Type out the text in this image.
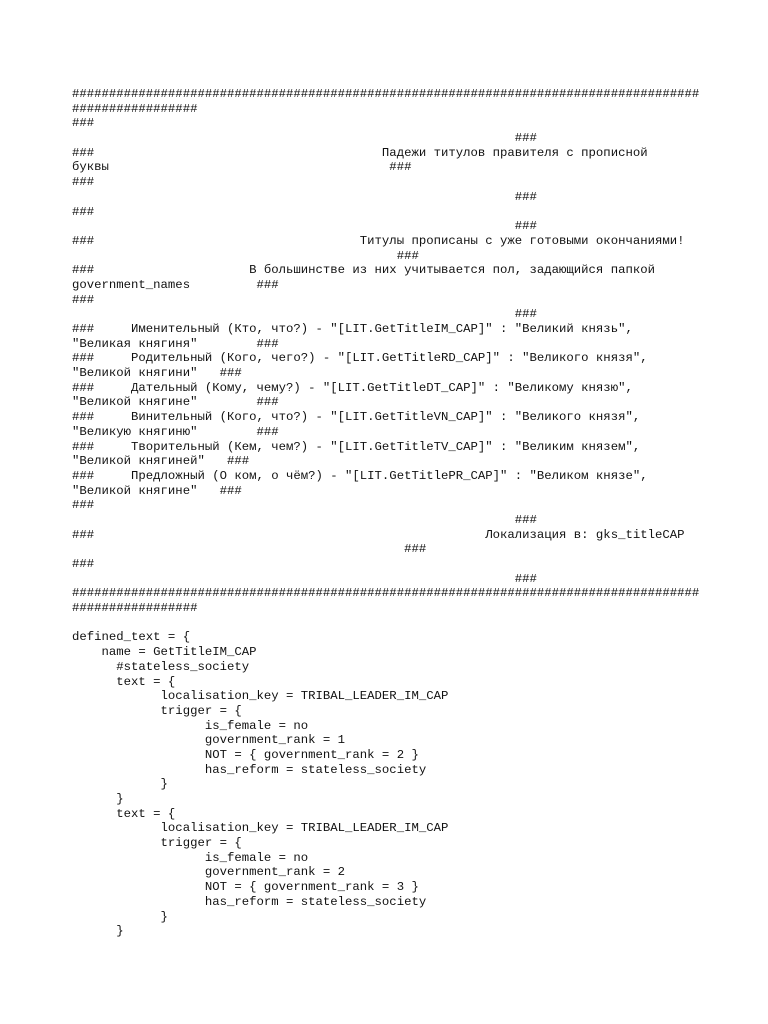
#####################################################################################
#################
###
###
###                                       Падежи титулов правителя с прописной
буквы                                      ###
###
###
###
###
###                                    Титулы прописаны с уже готовыми окончаниями!
###
###                     В большинстве из них учитывается пол, задающийся папкой
government_names         ###
###
###
###     Именительный (Кто, что?) - "[LIT.GetTitleIM_CAP]" : "Великий князь",
"Великая княгиня"        ###
###     Родительный (Кого, чего?) - "[LIT.GetTitleRD_CAP]" : "Великого князя",
"Великой княгини"   ###
###     Дательный (Кому, чему?) - "[LIT.GetTitleDT_CAP]" : "Великому князю",
"Великой княгине"        ###
###     Винительный (Кого, что?) - "[LIT.GetTitleVN_CAP]" : "Великого князя",
"Великую княгиню"        ###
###     Творительный (Кем, чем?) - "[LIT.GetTitleTV_CAP]" : "Великим князем",
"Великой княгиней"   ###
###     Предложный (О ком, о чём?) - "[LIT.GetTitlePR_CAP]" : "Великом князе",
"Великой княгине"   ###
###
###
###                                                     Локализация в: gks_titleCAP
###
###
###
#####################################################################################
#################
defined_text = {
name = GetTitleIM_CAP
#stateless_society
text = {
localisation_key = TRIBAL_LEADER_IM_CAP
trigger = {
is_female = no
government_rank = 1
NOT = { government_rank = 2 }
has_reform = stateless_society
}
}
text = {
localisation_key = TRIBAL_LEADER_IM_CAP
trigger = {
is_female = no
government_rank = 2
NOT = { government_rank = 3 }
has_reform = stateless_society
}
}
